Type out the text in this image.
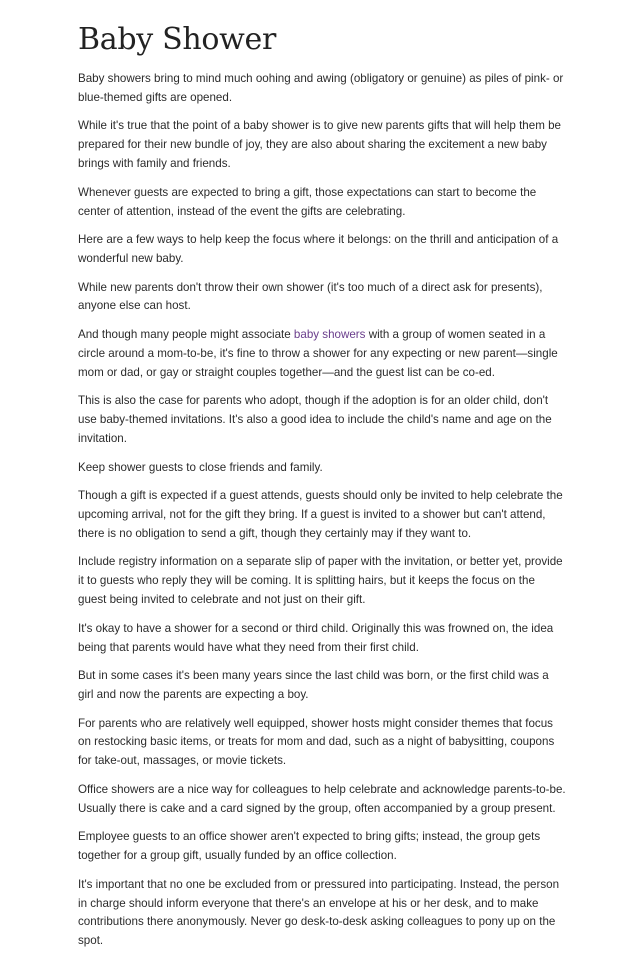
Baby Shower

Baby showers bring to mind much oohing and awing (obligatory or genuine) as piles of pink- or blue-themed gifts are opened.

While it's true that the point of a baby shower is to give new parents gifts that will help them be prepared for their new bundle of joy, they are also about sharing the excitement a new baby brings with family and friends.

Whenever guests are expected to bring a gift, those expectations can start to become the center of attention, instead of the event the gifts are celebrating.

Here are a few ways to help keep the focus where it belongs: on the thrill and anticipation of a wonderful new baby.

While new parents don't throw their own shower (it's too much of a direct ask for presents), anyone else can host.

And though many people might associate baby showers with a group of women seated in a circle around a mom-to-be, it's fine to throw a shower for any expecting or new parent—single mom or dad, or gay or straight couples together—and the guest list can be co-ed.

This is also the case for parents who adopt, though if the adoption is for an older child, don't use baby-themed invitations. It's also a good idea to include the child's name and age on the invitation.

Keep shower guests to close friends and family.

Though a gift is expected if a guest attends, guests should only be invited to help celebrate the upcoming arrival, not for the gift they bring. If a guest is invited to a shower but can't attend, there is no obligation to send a gift, though they certainly may if they want to.

Include registry information on a separate slip of paper with the invitation, or better yet, provide it to guests who reply they will be coming. It is splitting hairs, but it keeps the focus on the guest being invited to celebrate and not just on their gift.

It's okay to have a shower for a second or third child. Originally this was frowned on, the idea being that parents would have what they need from their first child.

But in some cases it's been many years since the last child was born, or the first child was a girl and now the parents are expecting a boy.

For parents who are relatively well equipped, shower hosts might consider themes that focus on restocking basic items, or treats for mom and dad, such as a night of babysitting, coupons for take-out, massages, or movie tickets.

Office showers are a nice way for colleagues to help celebrate and acknowledge parents-to-be. Usually there is cake and a card signed by the group, often accompanied by a group present.

Employee guests to an office shower aren't expected to bring gifts; instead, the group gets together for a group gift, usually funded by an office collection.

It's important that no one be excluded from or pressured into participating. Instead, the person in charge should inform everyone that there's an envelope at his or her desk, and to make contributions there anonymously. Never go desk-to-desk asking colleagues to pony up on the spot.
